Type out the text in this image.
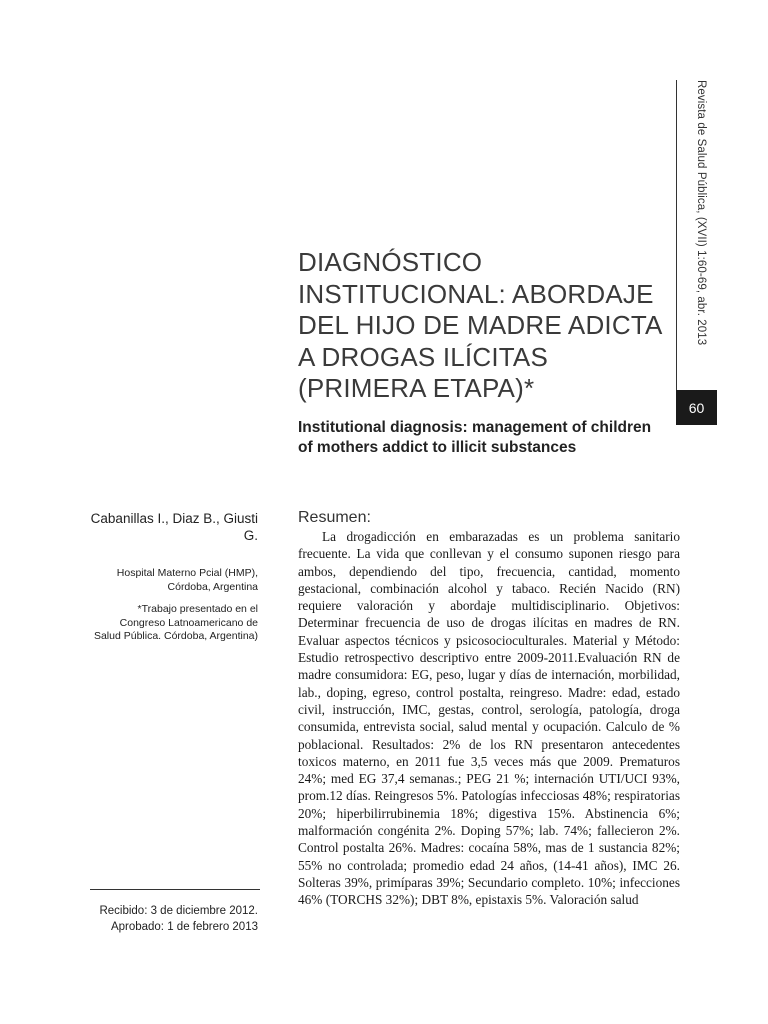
Revista de Salud Pública, (XVII) 1:60-69, abr. 2013
60
DIAGNÓSTICO INSTITUCIONAL: ABORDAJE DEL HIJO DE MADRE ADICTA A DROGAS ILÍCITAS (PRIMERA ETAPA)*
Institutional diagnosis: management of children of mothers addict to illicit substances
Cabanillas I., Diaz B., Giusti G.
Hospital Materno Pcial (HMP), Córdoba, Argentina
*Trabajo presentado en el Congreso Latnoamericano de Salud Pública. Córdoba, Argentina)
Recibido: 3 de diciembre 2012. Aprobado: 1 de febrero 2013
Resumen:

La drogadicción en embarazadas es un problema sanitario frecuente. La vida que conllevan y el consumo suponen riesgo para ambos, dependiendo del tipo, frecuencia, cantidad, momento gestacional, combinación alcohol y tabaco. Recién Nacido (RN) requiere valoración y abordaje multidisciplinario. Objetivos: Determinar frecuencia de uso de drogas ilícitas en madres de RN. Evaluar aspectos técnicos y psicosocioculturales. Material y Método: Estudio retrospectivo descriptivo entre 2009-2011.Evaluación RN de madre consumidora: EG, peso, lugar y días de internación, morbilidad, lab., doping, egreso, control postalta, reingreso. Madre: edad, estado civil, instrucción, IMC, gestas, control, serología, patología, droga consumida, entrevista social, salud mental y ocupación. Calculo de % poblacional. Resultados: 2% de los RN presentaron antecedentes toxicos materno, en 2011 fue 3,5 veces más que 2009. Prematuros 24%; med EG 37,4 semanas.; PEG 21 %; internación UTI/UCI 93%, prom.12 días. Reingresos 5%. Patologías infecciosas 48%; respiratorias 20%; hiperbilirrubinemia 18%; digestiva 15%. Abstinencia 6%; malformación congénita 2%. Doping 57%; lab. 74%; fallecieron 2%. Control postalta 26%. Madres: cocaína 58%, mas de 1 sustancia 82%; 55% no controlada; promedio edad 24 años, (14-41 años), IMC 26. Solteras 39%, primíparas 39%; Secundario completo. 10%; infecciones 46% (TORCHS 32%); DBT 8%, epistaxis 5%. Valoración salud
